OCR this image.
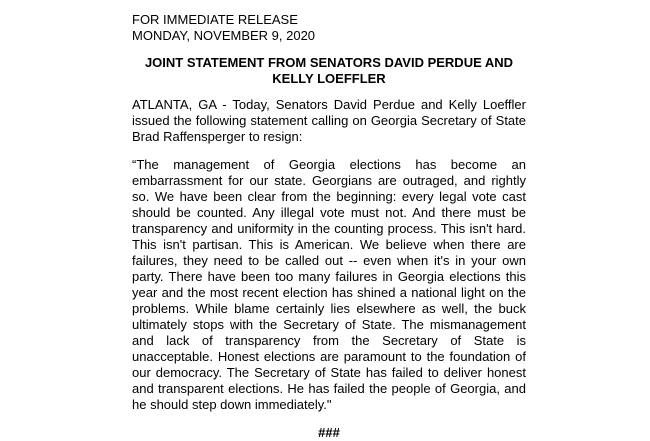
FOR IMMEDIATE RELEASE
MONDAY, NOVEMBER 9, 2020
JOINT STATEMENT FROM SENATORS DAVID PERDUE AND
KELLY LOEFFLER
ATLANTA, GA - Today, Senators David Perdue and Kelly Loeffler issued the following statement calling on Georgia Secretary of State Brad Raffensperger to resign:
“The management of Georgia elections has become an embarrassment for our state. Georgians are outraged, and rightly so. We have been clear from the beginning: every legal vote cast should be counted. Any illegal vote must not. And there must be transparency and uniformity in the counting process. This isn't hard. This isn't partisan. This is American. We believe when there are failures, they need to be called out -- even when it's in your own party. There have been too many failures in Georgia elections this year and the most recent election has shined a national light on the problems. While blame certainly lies elsewhere as well, the buck ultimately stops with the Secretary of State. The mismanagement and lack of transparency from the Secretary of State is unacceptable. Honest elections are paramount to the foundation of our democracy. The Secretary of State has failed to deliver honest and transparent elections. He has failed the people of Georgia, and he should step down immediately."
###
